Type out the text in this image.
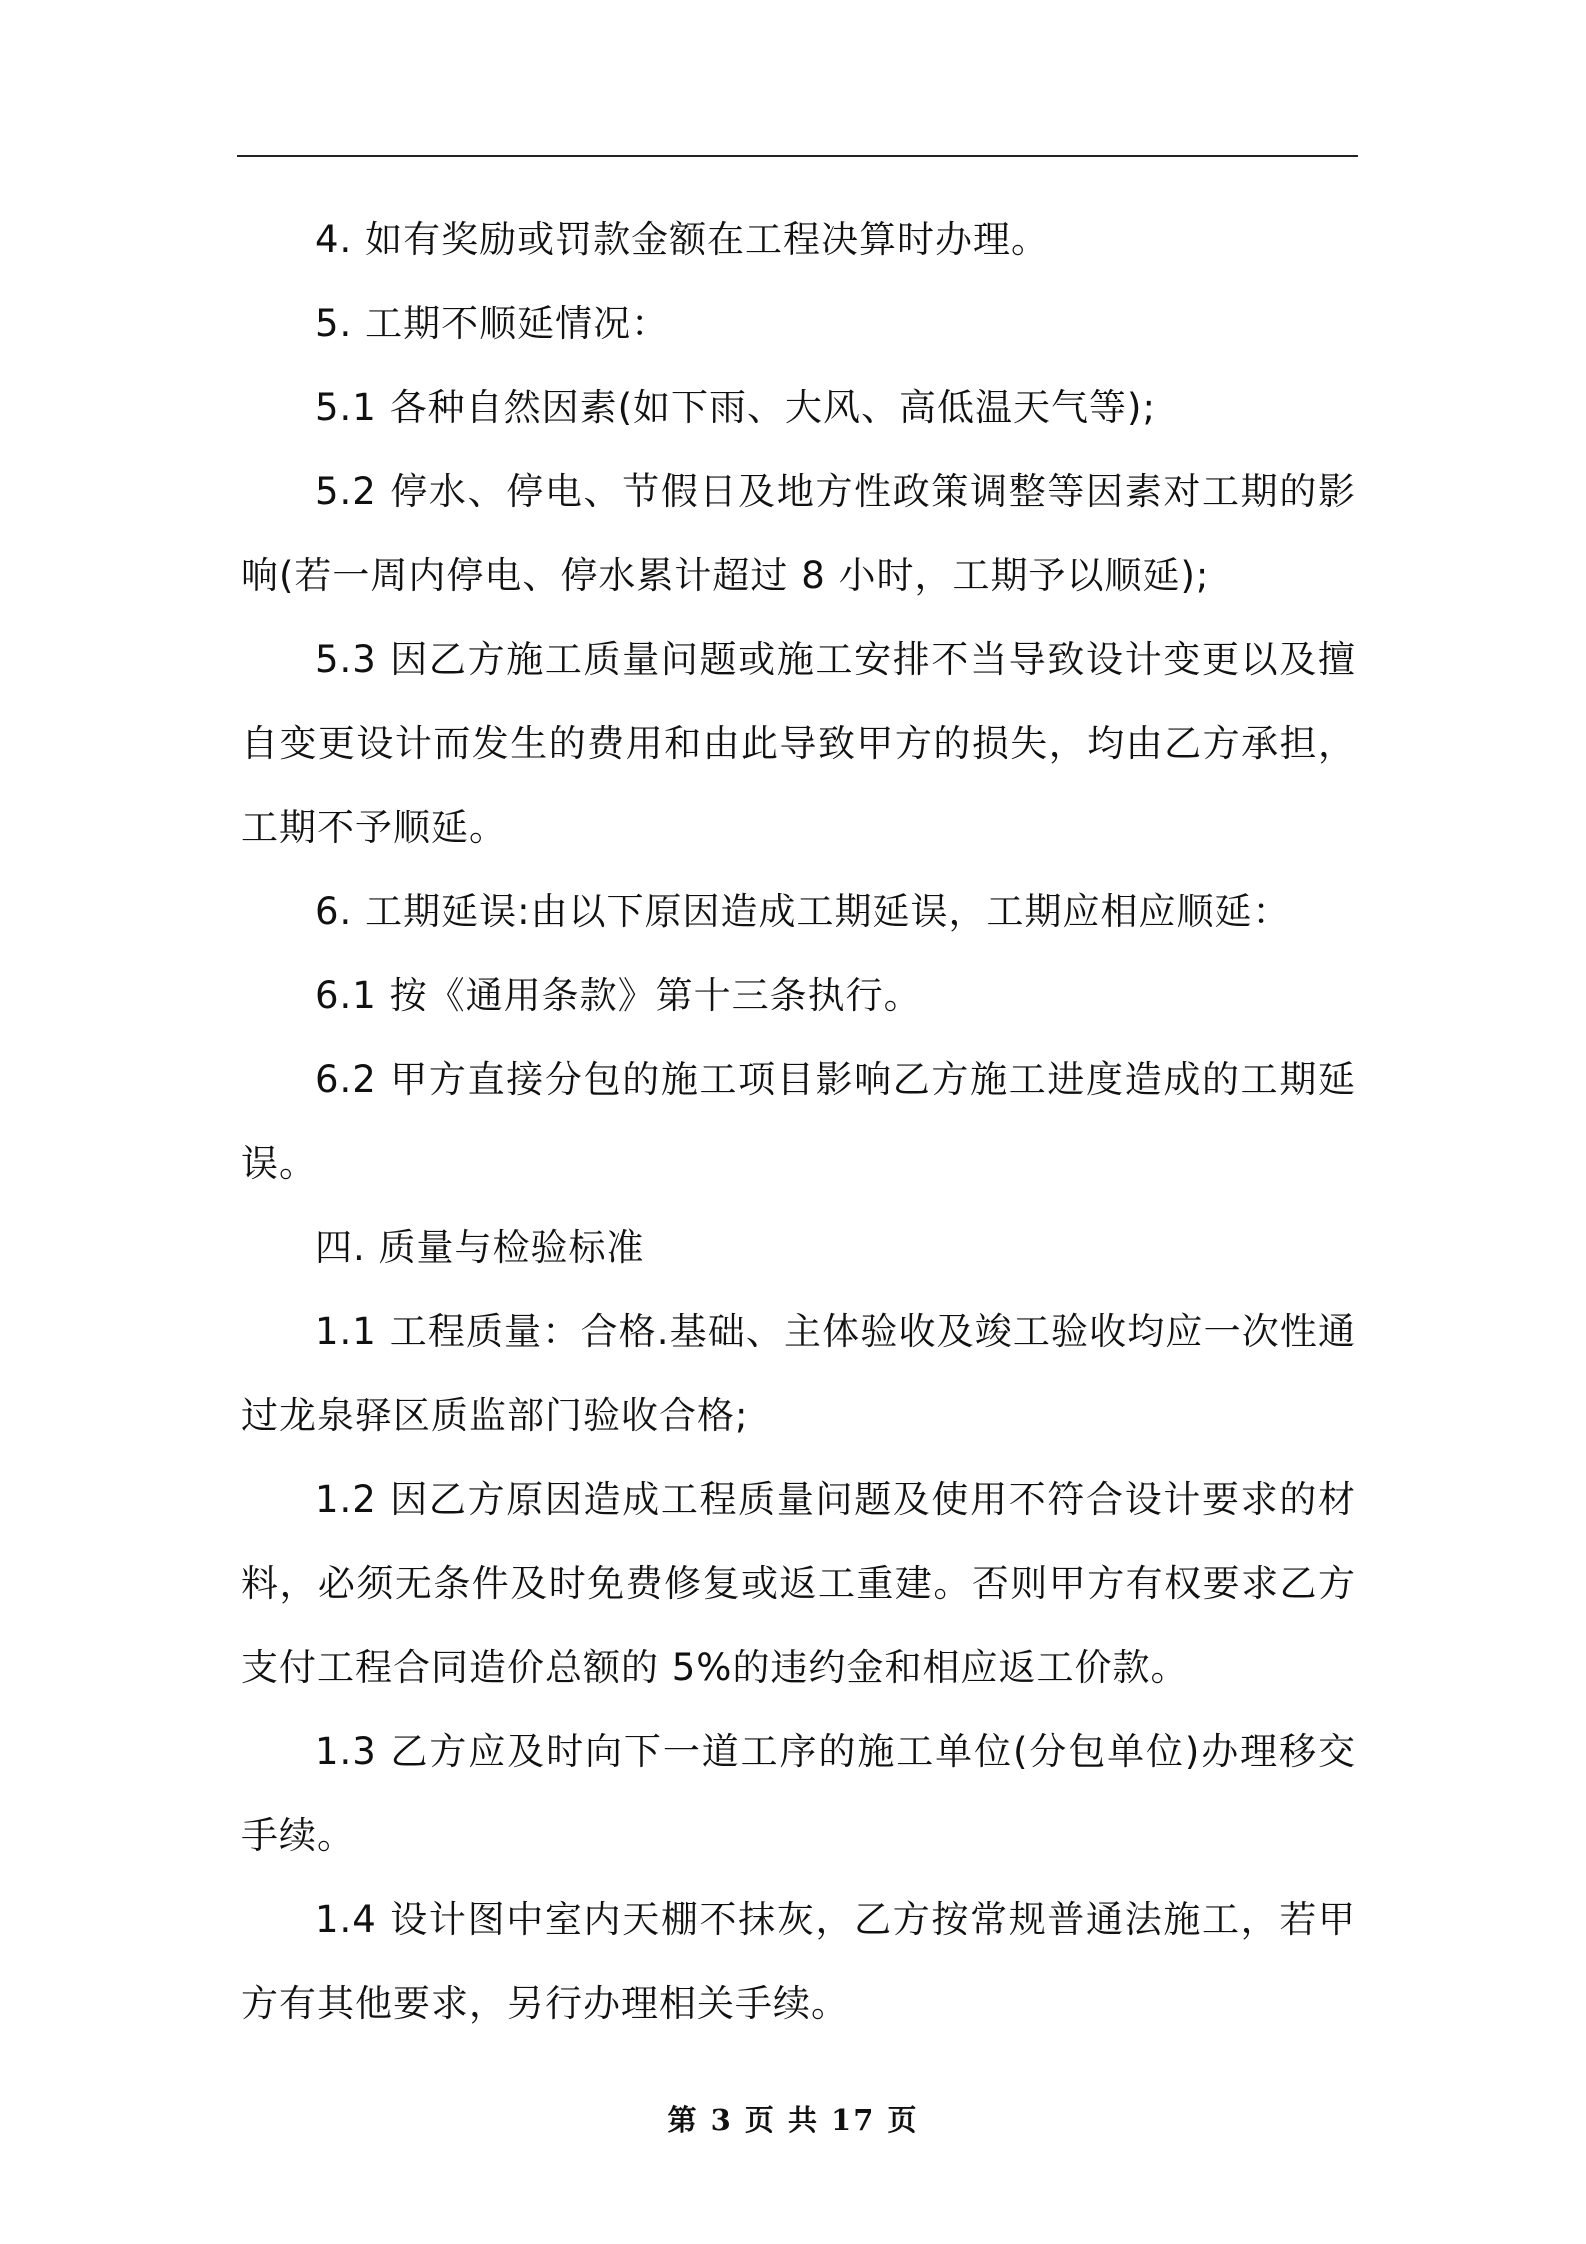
4. 如有奖励或罚款金额在工程决算时办理。

5. 工期不顺延情况：

5.1 各种自然因素(如下雨、大风、高低温天气等);

5.2 停水、停电、节假日及地方性政策调整等因素对工期的影响(若一周内停电、停水累计超过 8 小时，工期予以顺延);

5.3 因乙方施工质量问题或施工安排不当导致设计变更以及擅自变更设计而发生的费用和由此导致甲方的损失，均由乙方承担，工期不予顺延。

6. 工期延误:由以下原因造成工期延误，工期应相应顺延：

6.1 按《通用条款》第十三条执行。

6.2 甲方直接分包的施工项目影响乙方施工进度造成的工期延误。

四. 质量与检验标准

1.1 工程质量：合格.基础、主体验收及竣工验收均应一次性通过龙泉驿区质监部门验收合格;

1.2 因乙方原因造成工程质量问题及使用不符合设计要求的材料，必须无条件及时免费修复或返工重建。否则甲方有权要求乙方支付工程合同造价总额的 5%的违约金和相应返工价款。

1.3 乙方应及时向下一道工序的施工单位(分包单位)办理移交手续。

1.4 设计图中室内天棚不抹灰，乙方按常规普通法施工，若甲方有其他要求，另行办理相关手续。

第 3 页 共 17 页
